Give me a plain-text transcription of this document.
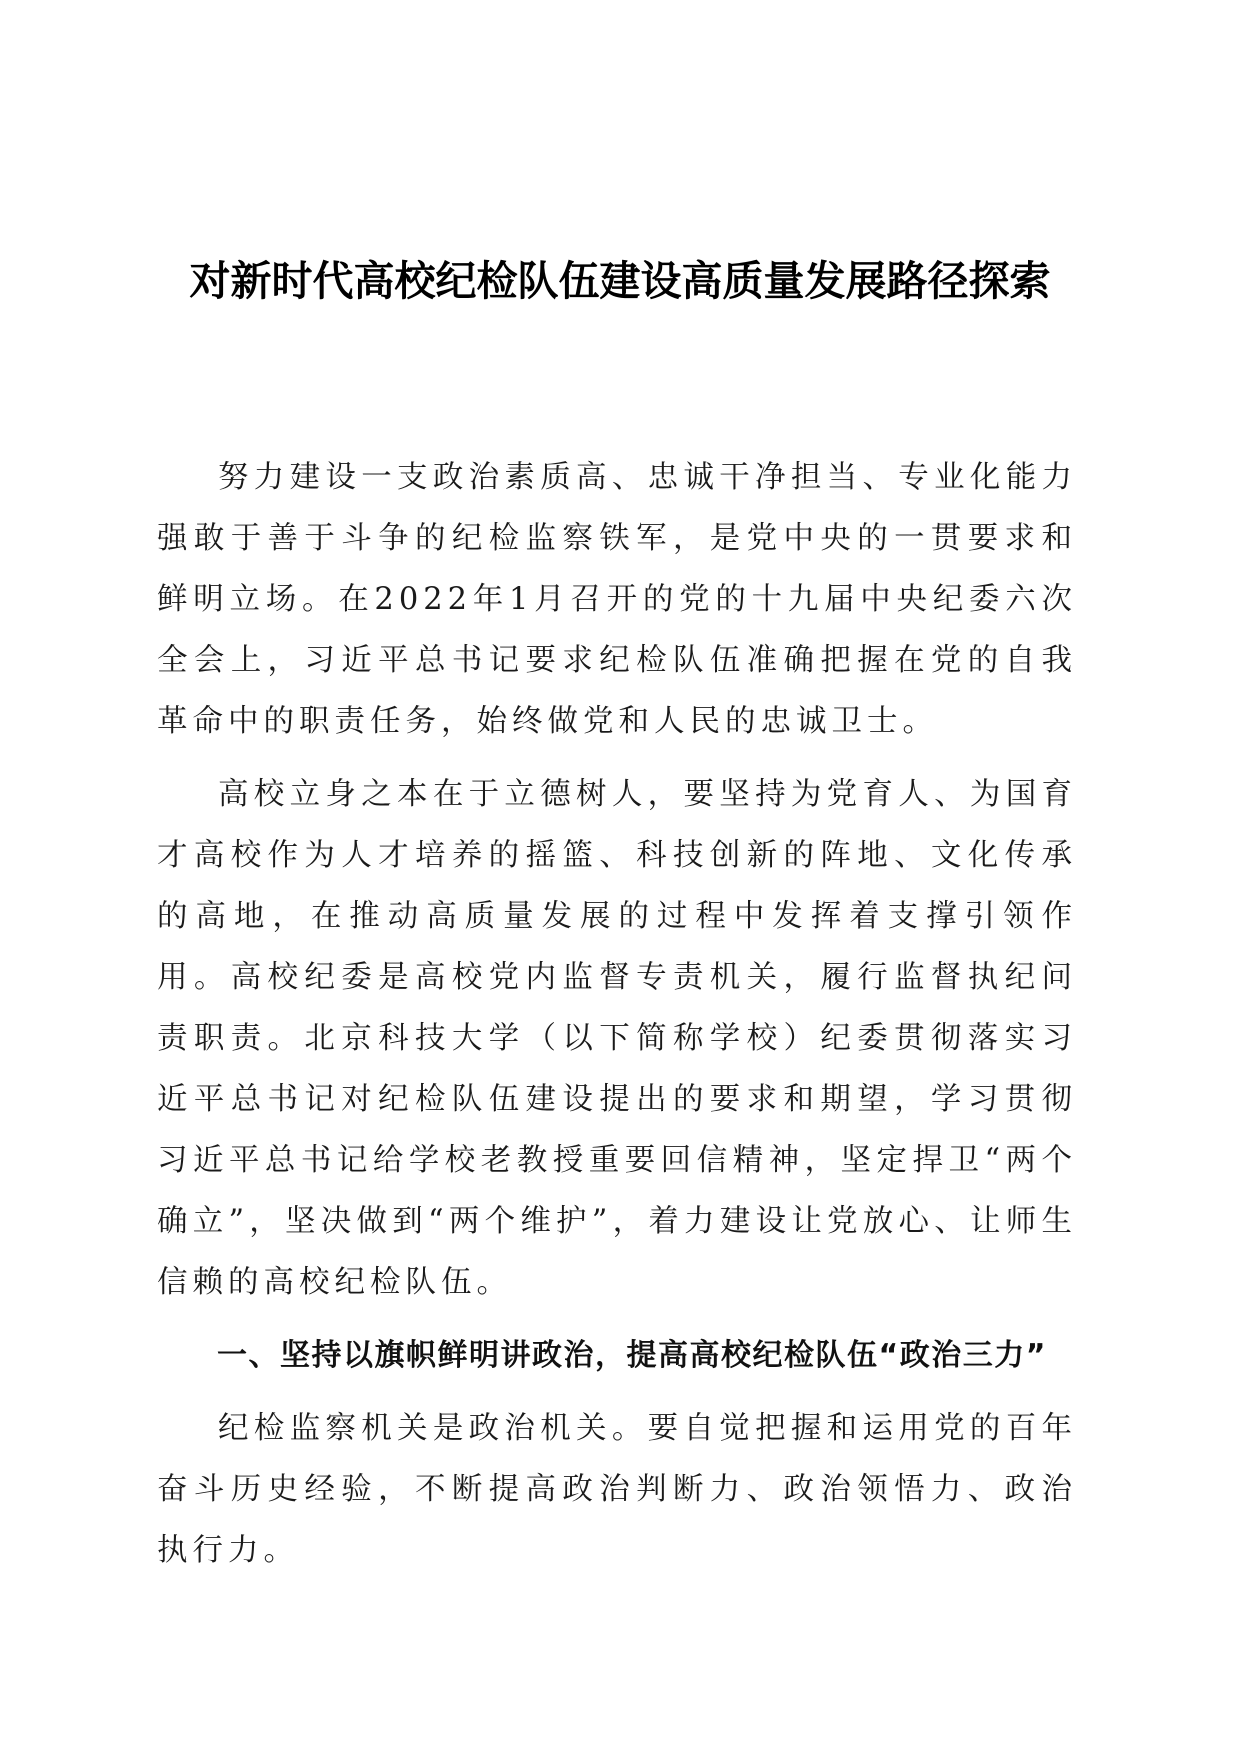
对新时代高校纪检队伍建设高质量发展路径探索

努力建设一支政治素质高、忠诚干净担当、专业化能力强敢于善于斗争的纪检监察铁军，是党中央的一贯要求和鲜明立场。在2022年1月召开的党的十九届中央纪委六次全会上，习近平总书记要求纪检队伍准确把握在党的自我革命中的职责任务，始终做党和人民的忠诚卫士。

高校立身之本在于立德树人，要坚持为党育人、为国育才高校作为人才培养的摇篮、科技创新的阵地、文化传承的高地，在推动高质量发展的过程中发挥着支撑引领作用。高校纪委是高校党内监督专责机关，履行监督执纪问责职责。北京科技大学（以下简称学校）纪委贯彻落实习近平总书记对纪检队伍建设提出的要求和期望，学习贯彻习近平总书记给学校老教授重要回信精神，坚定捍卫“两个确立”，坚决做到“两个维护”，着力建设让党放心、让师生信赖的高校纪检队伍。

一、坚持以旗帜鲜明讲政治，提高高校纪检队伍“政治三力”

纪检监察机关是政治机关。要自觉把握和运用党的百年奋斗历史经验，不断提高政治判断力、政治领悟力、政治执行力。
